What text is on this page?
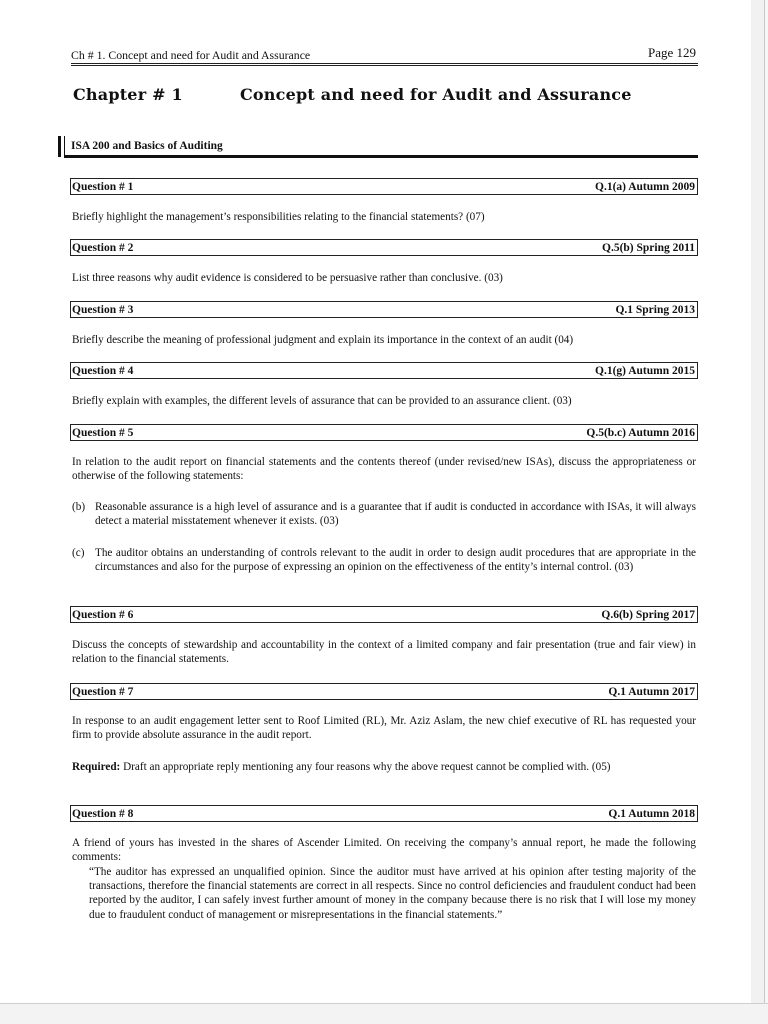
Ch # 1. Concept and need for Audit and Assurance	Page 129
Chapter # 1	Concept and need for Audit and Assurance
ISA 200 and Basics of Auditing
Question # 1	Q.1(a) Autumn 2009
Briefly highlight the management’s responsibilities relating to the financial statements? (07)
Question # 2	Q.5(b) Spring 2011
List three reasons why audit evidence is considered to be persuasive rather than conclusive. (03)
Question # 3	Q.1 Spring 2013
Briefly describe the meaning of professional judgment and explain its importance in the context of an audit (04)
Question # 4	Q.1(g) Autumn 2015
Briefly explain with examples, the different levels of assurance that can be provided to an assurance client. (03)
Question # 5	Q.5(b.c) Autumn 2016
In relation to the audit report on financial statements and the contents thereof (under revised/new ISAs), discuss the appropriateness or otherwise of the following statements:
(b) Reasonable assurance is a high level of assurance and is a guarantee that if audit is conducted in accordance with ISAs, it will always detect a material misstatement whenever it exists. (03)
(c) The auditor obtains an understanding of controls relevant to the audit in order to design audit procedures that are appropriate in the circumstances and also for the purpose of expressing an opinion on the effectiveness of the entity’s internal control. (03)
Question # 6	Q.6(b) Spring 2017
Discuss the concepts of stewardship and accountability in the context of a limited company and fair presentation (true and fair view) in relation to the financial statements.
Question # 7	Q.1 Autumn 2017
In response to an audit engagement letter sent to Roof Limited (RL), Mr. Aziz Aslam, the new chief executive of RL has requested your firm to provide absolute assurance in the audit report.
Required: Draft an appropriate reply mentioning any four reasons why the above request cannot be complied with. (05)
Question # 8	Q.1 Autumn 2018
A friend of yours has invested in the shares of Ascender Limited. On receiving the company’s annual report, he made the following comments:
“The auditor has expressed an unqualified opinion. Since the auditor must have arrived at his opinion after testing majority of the transactions, therefore the financial statements are correct in all respects. Since no control deficiencies and fraudulent conduct had been reported by the auditor, I can safely invest further amount of money in the company because there is no risk that I will lose my money due to fraudulent conduct of management or misrepresentations in the financial statements.”
